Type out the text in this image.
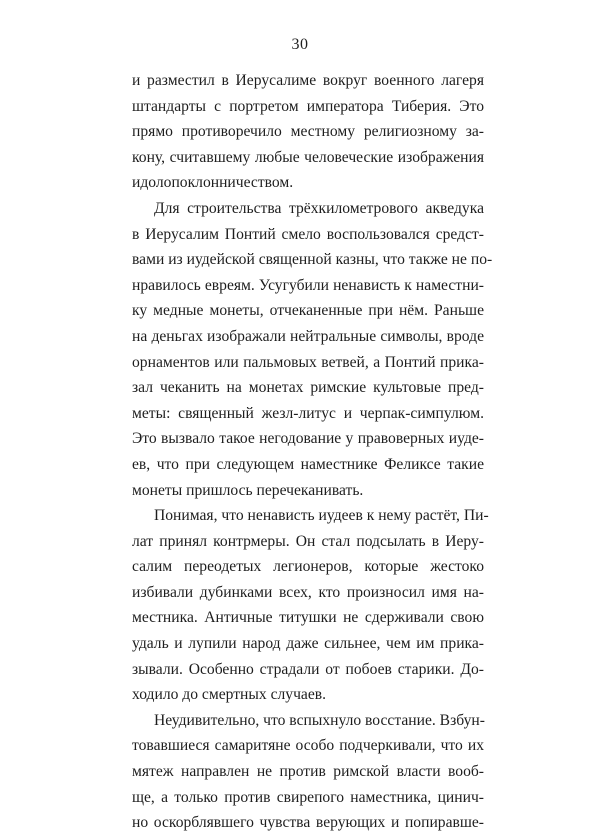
30
и разместил в Иерусалиме вокруг военного лагеря
штандарты с портретом императора Тиберия. Это
прямо противоречило местному религиозному за-
кону, считавшему любые человеческие изображения
идолопоклонничеством.
Для строительства трёхкилометрового акведука
в Иерусалим Понтий смело воспользовался средст-
вами из иудейской священной казны, что также не по-
нравилось евреям. Усугубили ненависть к наместни-
ку медные монеты, отчеканенные при нём. Раньше
на деньгах изображали нейтральные символы, вроде
орнаментов или пальмовых ветвей, а Понтий прика-
зал чеканить на монетах римские культовые пред-
меты: священный жезл-литус и черпак-симпулюм.
Это вызвало такое негодование у правоверных иуде-
ев, что при следующем наместнике Феликсе такие
монеты пришлось перечеканивать.
Понимая, что ненависть иудеев к нему растёт, Пи-
лат принял контрмеры. Он стал подсылать в Иеру-
салим переодетых легионеров, которые жестоко
избивали дубинками всех, кто произносил имя на-
местника. Античные титушки не сдерживали свою
удаль и лупили народ даже сильнее, чем им прика-
зывали. Особенно страдали от побоев старики. До-
ходило до смертных случаев.
Неудивительно, что вспыхнуло восстание. Взбун-
товавшиеся самаритяне особо подчеркивали, что их
мятеж направлен не против римской власти вооб-
ще, а только против свирепого наместника, цинич-
но оскорблявшего чувства верующих и попиравше-
